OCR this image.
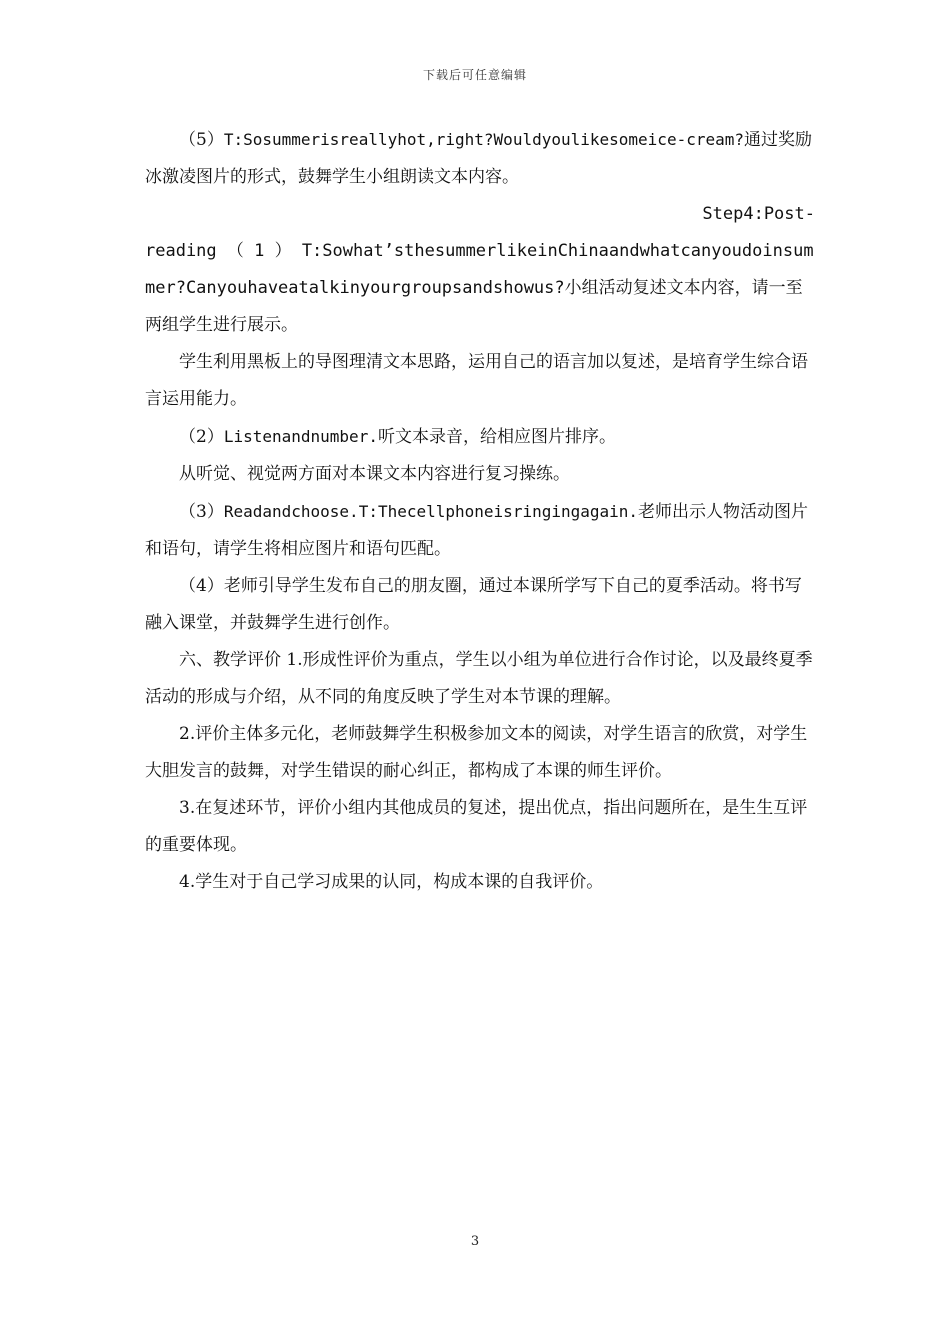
下载后可任意编辑

（5）T:Sosummerisreallyhot,right?Wouldyoulikesomeice-cream?通过奖励冰激凌图片的形式，鼓舞学生小组朗读文本内容。

Step4:Post-

reading （ 1 ） T:Sowhat’sthesummerlikeinChinaandwhatcanyoudoinsummer?Canyouhaveatalkinyourgroupsandshowus?小组活动复述文本内容，请一至两组学生进行展示。

学生利用黑板上的导图理清文本思路，运用自己的语言加以复述，是培育学生综合语言运用能力。

（2）Listenandnumber.听文本录音，给相应图片排序。

从听觉、视觉两方面对本课文本内容进行复习操练。

（3）Readandchoose.T:Thecellphoneisringingagain.老师出示人物活动图片和语句，请学生将相应图片和语句匹配。

（4）老师引导学生发布自己的朋友圈，通过本课所学写下自己的夏季活动。将书写融入课堂，并鼓舞学生进行创作。

六、教学评价 1.形成性评价为重点，学生以小组为单位进行合作讨论，以及最终夏季活动的形成与介绍，从不同的角度反映了学生对本节课的理解。

2.评价主体多元化，老师鼓舞学生积极参加文本的阅读，对学生语言的欣赏，对学生大胆发言的鼓舞，对学生错误的耐心纠正，都构成了本课的师生评价。

3.在复述环节，评价小组内其他成员的复述，提出优点，指出问题所在，是生生互评的重要体现。

4.学生对于自己学习成果的认同，构成本课的自我评价。

3
